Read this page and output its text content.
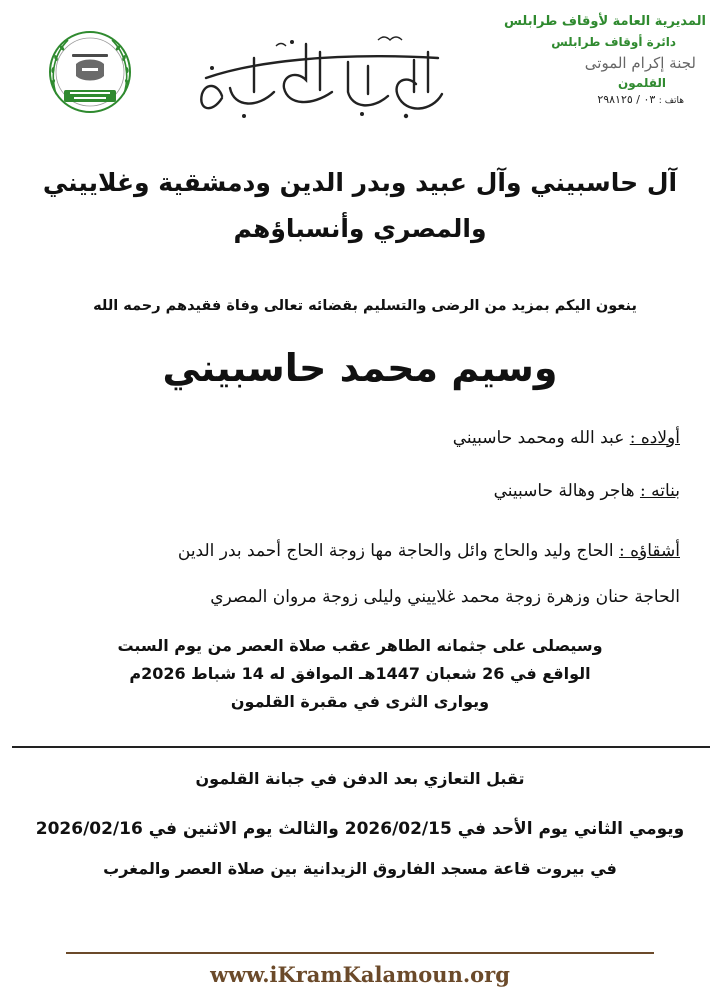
المديرية العامة لأوقاف طرابلس
دائرة أوقاف طرابلس
لجنة إكرام الموتى
القلمون
هاتف : ٠٣ / ٢٩٨١٢٥
آل حاسبيني وآل عبيد وبدر الدين ودمشقية وغلاييني
والمصري وأنسباؤهم
ينعون اليكم بمزيد من الرضى والتسليم بقضائه تعالى وفاة فقيدهم رحمه الله
وسيم محمد حاسبيني
أولاده : عبد الله ومحمد حاسبيني
بناته : هاجر وهالة حاسبيني
أشقاؤه : الحاج وليد والحاج وائل والحاجة مها زوجة الحاج أحمد بدر الدين
الحاجة حنان وزهرة زوجة محمد غلاييني وليلى زوجة مروان المصري
وسيصلى على جثمانه الطاهر عقب صلاة العصر من يوم السبت
الواقع في 26 شعبان 1447هـ الموافق له 14 شباط 2026م
ويوارى الثرى في مقبرة القلمون
تقبل التعازي بعد الدفن في جبانة القلمون
ويومي الثاني يوم الأحد في 2026/02/15 والثالث يوم الاثنين في 2026/02/16
في بيروت قاعة مسجد الفاروق الزيدانية بين صلاة العصر والمغرب
www.iKramKalamoun.org
